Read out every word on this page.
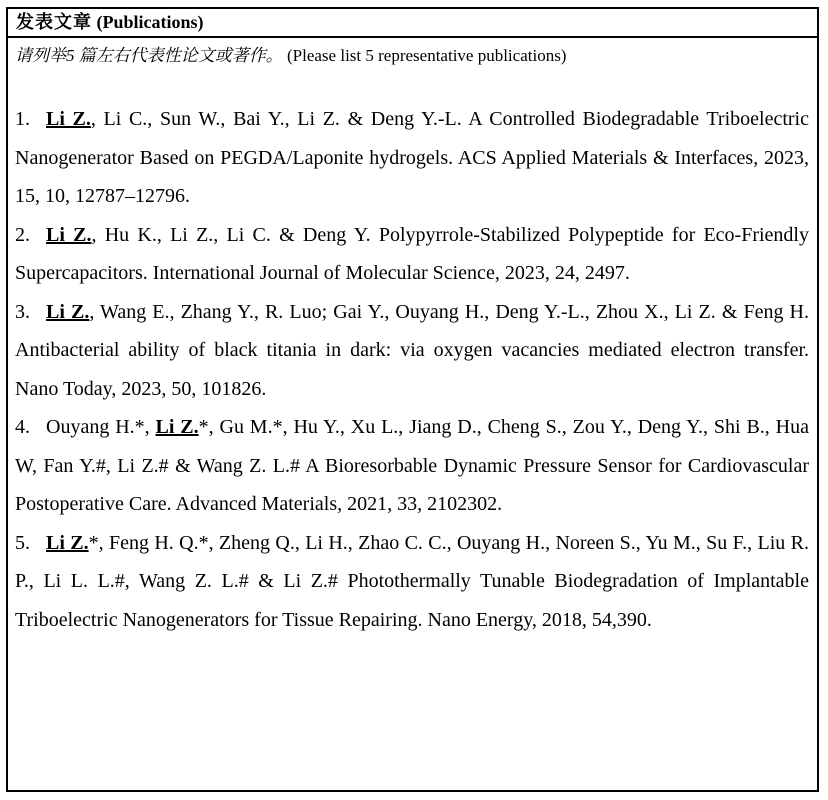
发表文章 (Publications)

请列举5 篇左右代表性论文或著作。 (Please list 5 representative publications)

1. Li Z., Li C., Sun W., Bai Y., Li Z. & Deng Y.-L. A Controlled Biodegradable Triboelectric Nanogenerator Based on PEGDA/Laponite hydrogels. ACS Applied Materials & Interfaces, 2023, 15, 10, 12787–12796.

2. Li Z., Hu K., Li Z., Li C. & Deng Y. Polypyrrole-Stabilized Polypeptide for Eco-Friendly Supercapacitors. International Journal of Molecular Science, 2023, 24, 2497.

3. Li Z., Wang E., Zhang Y., R. Luo; Gai Y., Ouyang H., Deng Y.-L., Zhou X., Li Z. & Feng H. Antibacterial ability of black titania in dark: via oxygen vacancies mediated electron transfer. Nano Today, 2023, 50, 101826.

4. Ouyang H.*, Li Z.*, Gu M.*, Hu Y., Xu L., Jiang D., Cheng S., Zou Y., Deng Y., Shi B., Hua W, Fan Y.#, Li Z.# & Wang Z. L.# A Bioresorbable Dynamic Pressure Sensor for Cardiovascular Postoperative Care. Advanced Materials, 2021, 33, 2102302.

5. Li Z.*, Feng H. Q.*, Zheng Q., Li H., Zhao C. C., Ouyang H., Noreen S., Yu M., Su F., Liu R. P., Li L. L.#, Wang Z. L.# & Li Z.# Photothermally Tunable Biodegradation of Implantable Triboelectric Nanogenerators for Tissue Repairing. Nano Energy, 2018, 54,390.
